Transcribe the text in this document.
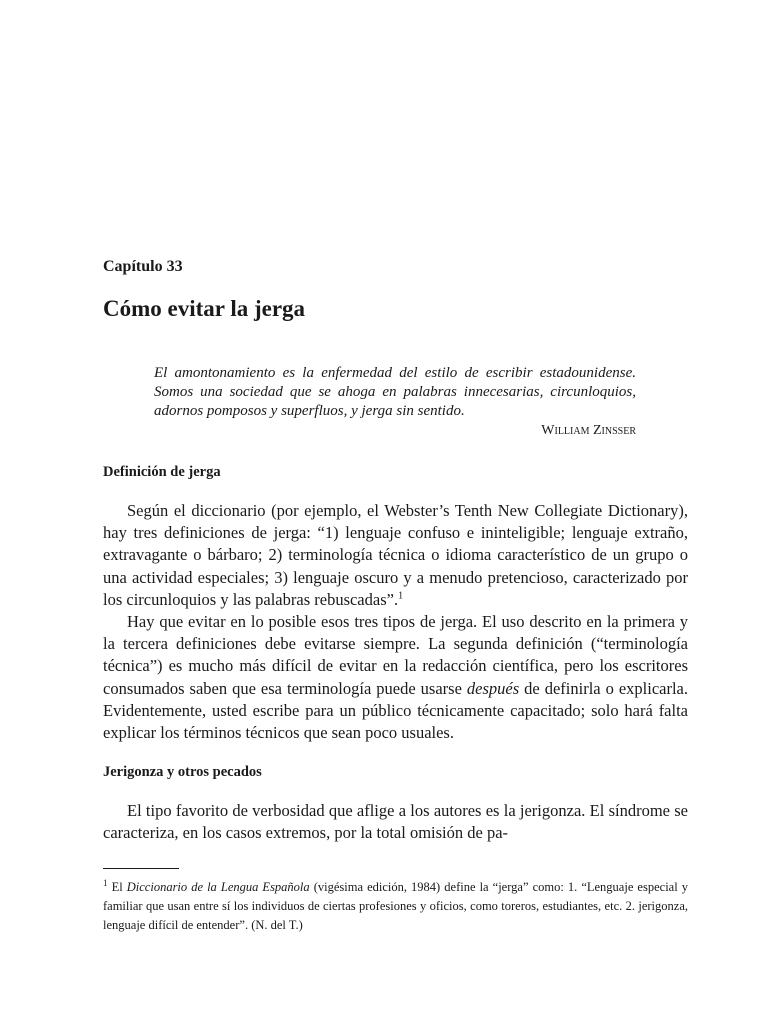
Capítulo 33

Cómo evitar la jerga
El amontonamiento es la enfermedad del estilo de escribir estadounidense. Somos una sociedad que se ahoga en palabras innecesarias, circunloquios, adornos pomposos y superfluos, y jerga sin sentido.
William Zinsser
Definición de jerga

Según el diccionario (por ejemplo, el Webster’s Tenth New Collegiate Dictionary), hay tres definiciones de jerga: “1) lenguaje confuso e ininteligible; lenguaje extraño, extravagante o bárbaro; 2) terminología técnica o idioma característico de un grupo o una actividad especiales; 3) lenguaje oscuro y a menudo pretencioso, caracterizado por los circunloquios y las palabras rebuscadas”.$^1$

Hay que evitar en lo posible esos tres tipos de jerga. El uso descrito en la primera y la tercera definiciones debe evitarse siempre. La segunda definición (“terminología técnica”) es mucho más difícil de evitar en la redacción científica, pero los escritores consumados saben que esa terminología puede usarse después de definirla o explicarla. Evidentemente, usted escribe para un público técnicamente capacitado; solo hará falta explicar los términos técnicos que sean poco usuales.

Jerigonza y otros pecados

El tipo favorito de verbosidad que aflige a los autores es la jerigonza. El síndrome se caracteriza, en los casos extremos, por la total omisión de pa-

$^1$ El Diccionario de la Lengua Española (vigésima edición, 1984) define la “jerga” como: 1. “Lenguaje especial y familiar que usan entre sí los individuos de ciertas profesiones y oficios, como toreros, estudiantes, etc. 2. jerigonza, lenguaje difícil de entender”. (N. del T.)
